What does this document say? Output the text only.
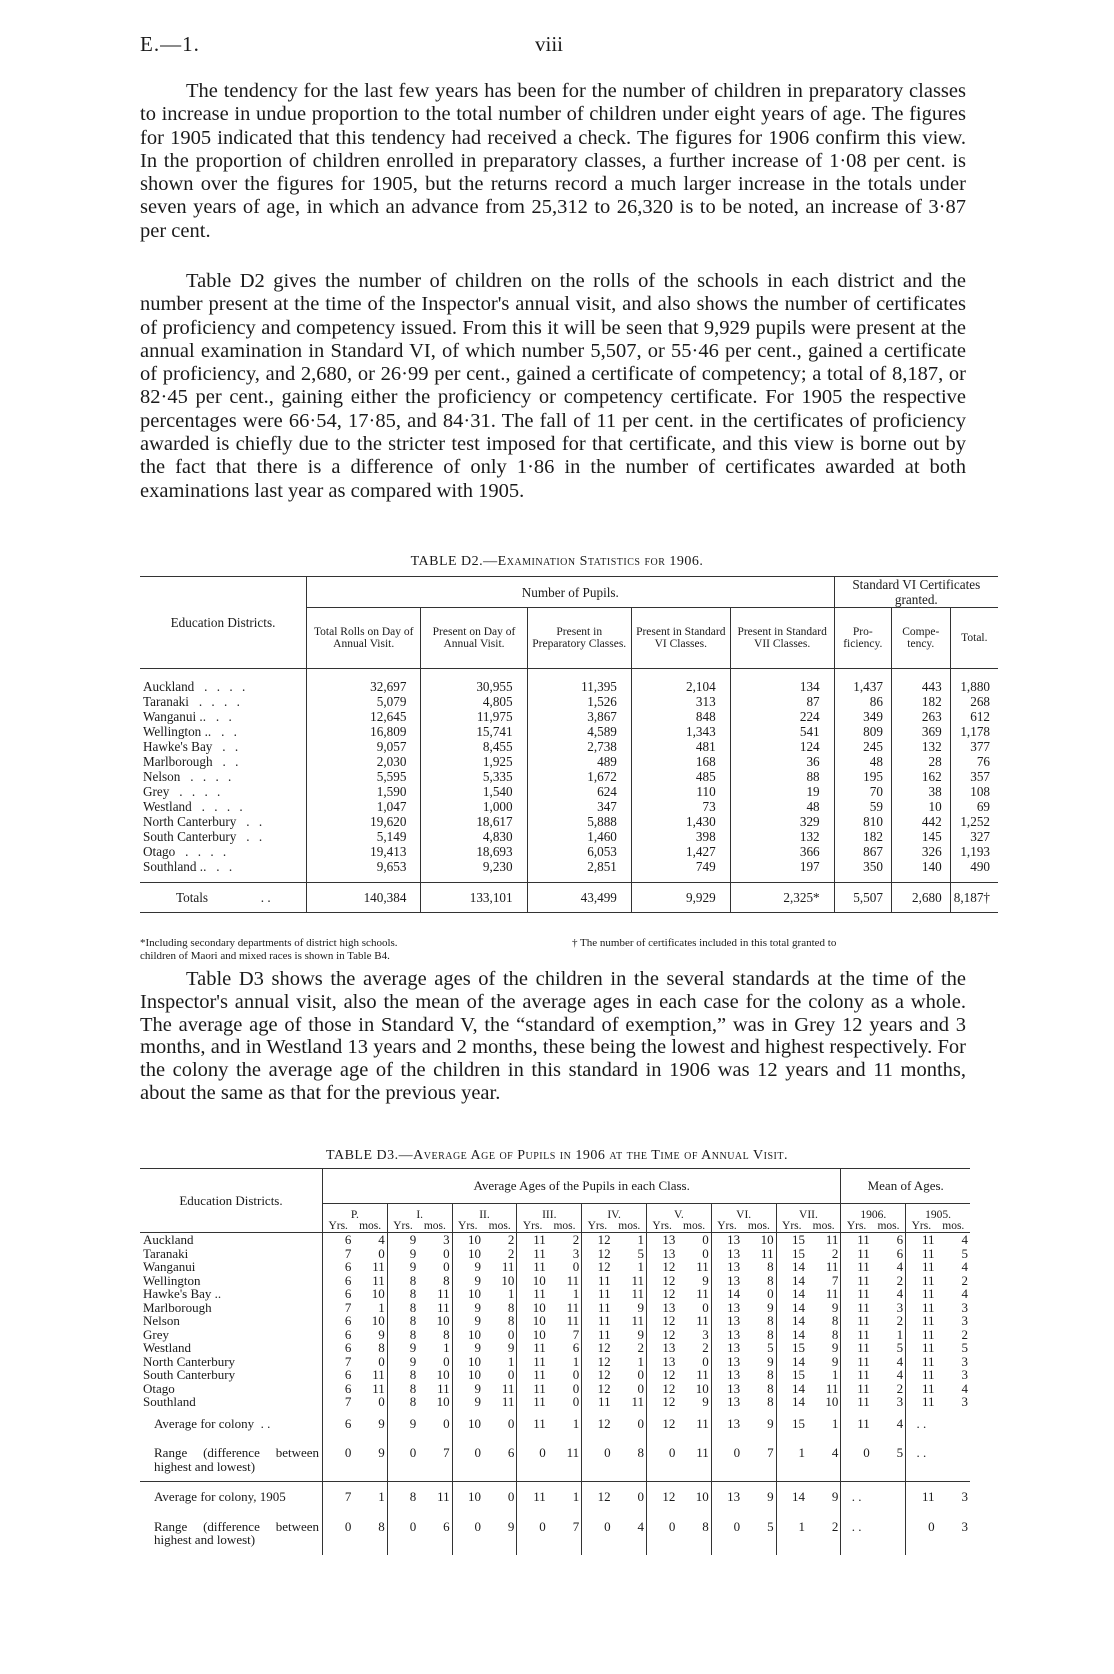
E.—1.	viii

The tendency for the last few years has been for the number of children in preparatory classes to increase in undue proportion to the total number of children under eight years of age. The figures for 1905 indicated that this tendency had received a check. The figures for 1906 confirm this view. In the proportion of children enrolled in preparatory classes, a further increase of 1·08 per cent. is shown over the figures for 1905, but the returns record a much larger increase in the totals under seven years of age, in which an advance from 25,312 to 26,320 is to be noted, an increase of 3·87 per cent.

Table D2 gives the number of children on the rolls of the schools in each district and the number present at the time of the Inspector's annual visit, and also shows the number of certificates of proficiency and competency issued. From this it will be seen that 9,929 pupils were present at the annual examination in Standard VI, of which number 5,507, or 55·46 per cent., gained a certificate of proficiency, and 2,680, or 26·99 per cent., gained a certificate of competency; a total of 8,187, or 82·45 per cent., gaining either the proficiency or competency certificate. For 1905 the respective percentages were 66·54, 17·85, and 84·31. The fall of 11 per cent. in the certificates of proficiency awarded is chiefly due to the stricter test imposed for that certificate, and this view is borne out by the fact that there is a difference of only 1·86 in the number of certificates awarded at both examinations last year as compared with 1905.

TABLE D2.—Examination Statistics for 1906.
Education Districts.	Number of Pupils.					Standard VI Certificates granted.		
	Total Rolls on Day of Annual Visit.	Present on Day of Annual Visit.	Present in Preparatory Classes.	Present in Standard VI Classes.	Present in Standard VII Classes.	Pro- ficiency.	Compe- tency.	Total.

Auckland . . . .	32,697	30,955	11,395	2,104	134	1,437	443	1,880
Taranaki . . . .	5,079	4,805	1,526	313	87	86	182	268
Wanganui .. . .	12,645	11,975	3,867	848	224	349	263	612
Wellington .. . .	16,809	15,741	4,589	1,343	541	809	369	1,178
Hawke's Bay . .	9,057	8,455	2,738	481	124	245	132	377
Marlborough . .	2,030	1,925	489	168	36	48	28	76
Nelson . . . .	5,595	5,335	1,672	485	88	195	162	357
Grey . . . .	1,590	1,540	624	110	19	70	38	108
Westland . . . .	1,047	1,000	347	73	48	59	10	69
North Canterbury . .	19,620	18,617	5,888	1,430	329	810	442	1,252
South Canterbury . .	5,149	4,830	1,460	398	132	182	145	327
Otago . . . .	19,413	18,693	6,053	1,427	366	867	326	1,193
Southland .. . .	9,653	9,230	2,851	749	197	350	140	490

Totals . .	140,384	133,101	43,499	9,929	2,325*	5,507	2,680	8,187†
*Including secondary departments of district high schools.	† The number of certificates included in this total granted to
children of Maori and mixed races is shown in Table B4.

Table D3 shows the average ages of the children in the several standards at the time of the Inspector's annual visit, also the mean of the average ages in each case for the colony as a whole. The average age of those in Standard V, the “standard of exemption,” was in Grey 12 years and 3 months, and in Westland 13 years and 2 months, these being the lowest and highest respectively. For the colony the average age of the children in this standard in 1906 was 12 years and 11 months, about the same as that for the previous year.

TABLE D3.—Average Age of Pupils in 1906 at the Time of Annual Visit.
Education Districts.	Average Ages of the Pupils in each Class.																Mean of Ages.			
	P.		I.		II.		III.		IV.		V.		VI.		VII.		1906.		1905.	
	Yrs.	mos.	Yrs.	mos.	Yrs.	mos.	Yrs.	mos.	Yrs.	mos.	Yrs.	mos.	Yrs.	mos.	Yrs.	mos.	Yrs.	mos.	Yrs.	mos.
Auckland	6	4	9	3	10	2	11	2	12	1	13	0	13	10	15	11	11	6	11	4
Taranaki	7	0	9	0	10	2	11	3	12	5	13	0	13	11	15	2	11	6	11	5
Wanganui	6	11	9	0	9	11	11	0	12	1	12	11	13	8	14	11	11	4	11	4
Wellington	6	11	8	8	9	10	10	11	11	11	12	9	13	8	14	7	11	2	11	2
Hawke's Bay ..	6	10	8	11	10	1	11	1	11	11	12	11	14	0	14	11	11	4	11	4
Marlborough	7	1	8	11	9	8	10	11	11	9	13	0	13	9	14	9	11	3	11	3
Nelson	6	10	8	10	9	8	10	11	11	11	12	11	13	8	14	8	11	2	11	3
Grey	6	9	8	8	10	0	10	7	11	9	12	3	13	8	14	8	11	1	11	2
Westland	6	8	9	1	9	9	11	6	12	2	13	2	13	5	15	9	11	5	11	5
North Canterbury	7	0	9	0	10	1	11	1	12	1	13	0	13	9	14	9	11	4	11	3
South Canterbury	6	11	8	10	10	0	11	0	12	0	12	11	13	8	15	1	11	4	11	3
Otago	6	11	8	11	9	11	11	0	12	0	12	10	13	8	14	11	11	2	11	4
Southland	7	0	8	10	9	11	11	0	11	11	12	9	13	8	14	10	11	3	11	3
Average for colony . .	6	9	9	0	10	0	11	1	12	0	12	11	13	9	15	1	11	4	. .	
Range (difference between highest and lowest)	0	9	0	7	0	6	0	11	0	8	0	11	0	7	1	4	0	5	. .	
Average for colony, 1905	7	1	8	11	10	0	11	1	12	0	12	10	13	9	14	9	. .		11	3
Range (difference between highest and lowest)	0	8	0	6	0	9	0	7	0	4	0	8	0	5	1	2	. .		0	3
